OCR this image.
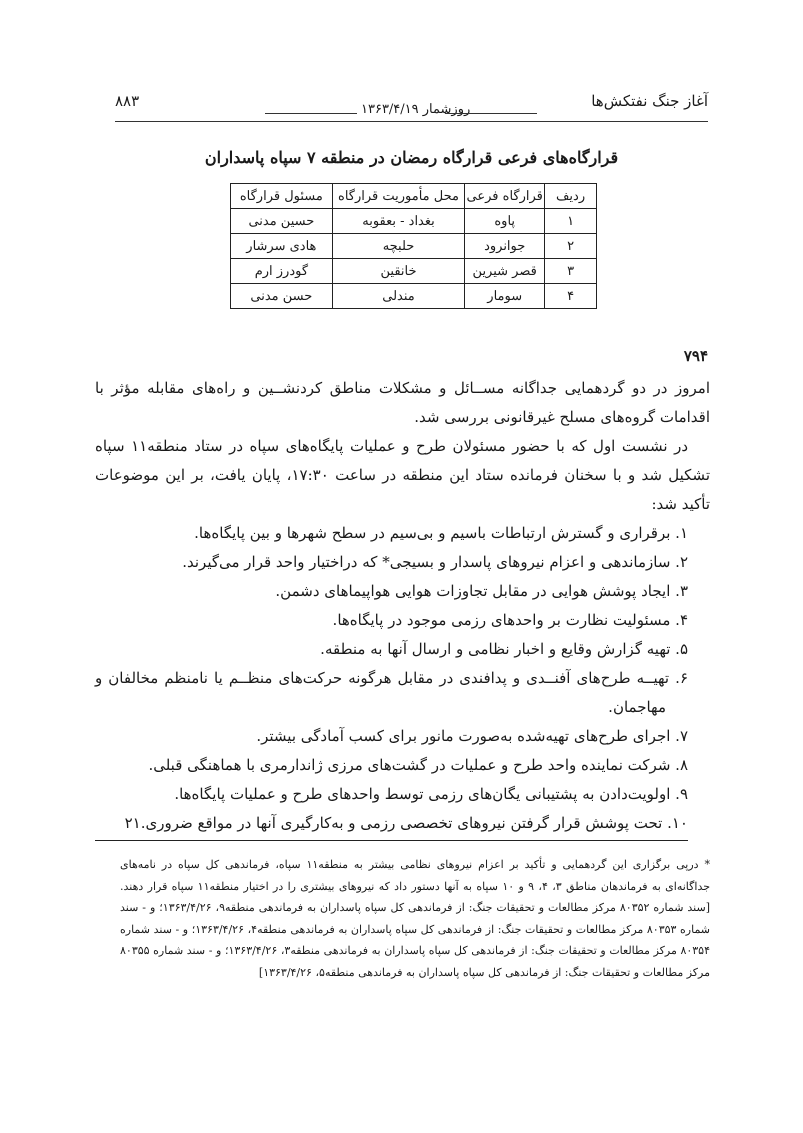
۸۸۳	روزشمار ۱۳۶۳/۴/۱۹	آغاز جنگ نفتکش‌ها
قرارگاه‌های فرعی قرارگاه رمضان در منطقه ۷ سپاه پاسداران
ردیف	قرارگاه فرعی	محل مأموریت قرارگاه	مسئول قرارگاه
۱	پاوه	بغداد - بعقوبه	حسین مدنی
۲	جوانرود	حلبچه	هادی سرشار
۳	قصر شیرین	خانقین	گودرز ارم
۴	سومار	مندلی	حسن مدنی
۷۹۴

امروز در دو گردهمایی جداگانه مســائل و مشکلات مناطق کردنشــین و راه‌های مقابله مؤثر با اقدامات گروه‌های مسلح غیرقانونی بررسی شد.

در نشست اول که با حضور مسئولان طرح و عملیات پایگاه‌های سپاه در ستاد منطقه۱۱ سپاه تشکیل شد و با سخنان فرمانده ستاد این منطقه در ساعت ۱۷:۳۰، پایان یافت، بر این موضوعات تأکید شد:

۱. برقراری و گسترش ارتباطات باسیم و بی‌سیم در سطح شهرها و بین پایگاه‌ها.
۲. سازماندهی و اعزام نیروهای پاسدار و بسیجی* که دراختیار واحد قرار می‌گیرند.
۳. ایجاد پوشش هوایی در مقابل تجاوزات هوایی هواپیماهای دشمن.
۴. مسئولیت نظارت بر واحدهای رزمی موجود در پایگاه‌ها.
۵. تهیه گزارش وقایع و اخبار نظامی و ارسال آنها به منطقه.
۶. تهیــه طرح‌های آفنــدی و پدافندی در مقابل هرگونه حرکت‌های منظــم یا نامنظم مخالفان و مهاجمان.
۷. اجرای طرح‌های تهیه‌شده به‌صورت مانور برای کسب آمادگی بیشتر.
۸. شرکت نماینده واحد طرح و عملیات در گشت‌های مرزی ژاندارمری با هماهنگی قبلی.
۹. اولویت‌دادن به پشتیبانی یگان‌های رزمی توسط واحدهای طرح و عملیات پایگاه‌ها.
۱۰. تحت پوشش قرار گرفتن نیروهای تخصصی رزمی و به‌کارگیری آنها در مواقع ضروری.۲۱
* درپی برگزاری این گردهمایی و تأکید بر اعزام نیروهای نظامی بیشتر به منطقه۱۱ سپاه، فرماندهی کل سپاه در نامه‌های جداگانه‌ای به فرماندهان مناطق ۳، ۴، ۹ و ۱۰ سپاه به آنها دستور داد که نیروهای بیشتری را در اختیار منطقه۱۱ سپاه قرار دهند. [سند شماره ۸۰۳۵۲ مرکز مطالعات و تحقیقات جنگ: از فرماندهی کل سپاه پاسداران به فرماندهی منطقه۹، ۱۳۶۳/۴/۲۶؛ و - سند شماره ۸۰۳۵۳ مرکز مطالعات و تحقیقات جنگ: از فرماندهی کل سپاه پاسداران به فرماندهی منطقه۴، ۱۳۶۳/۴/۲۶؛ و - سند شماره ۸۰۳۵۴ مرکز مطالعات و تحقیقات جنگ: از فرماندهی کل سپاه پاسداران به فرماندهی منطقه۳، ۱۳۶۳/۴/۲۶؛ و - سند شماره ۸۰۳۵۵ مرکز مطالعات و تحقیقات جنگ: از فرماندهی کل سپاه پاسداران به فرماندهی منطقه۵، ۱۳۶۳/۴/۲۶]
